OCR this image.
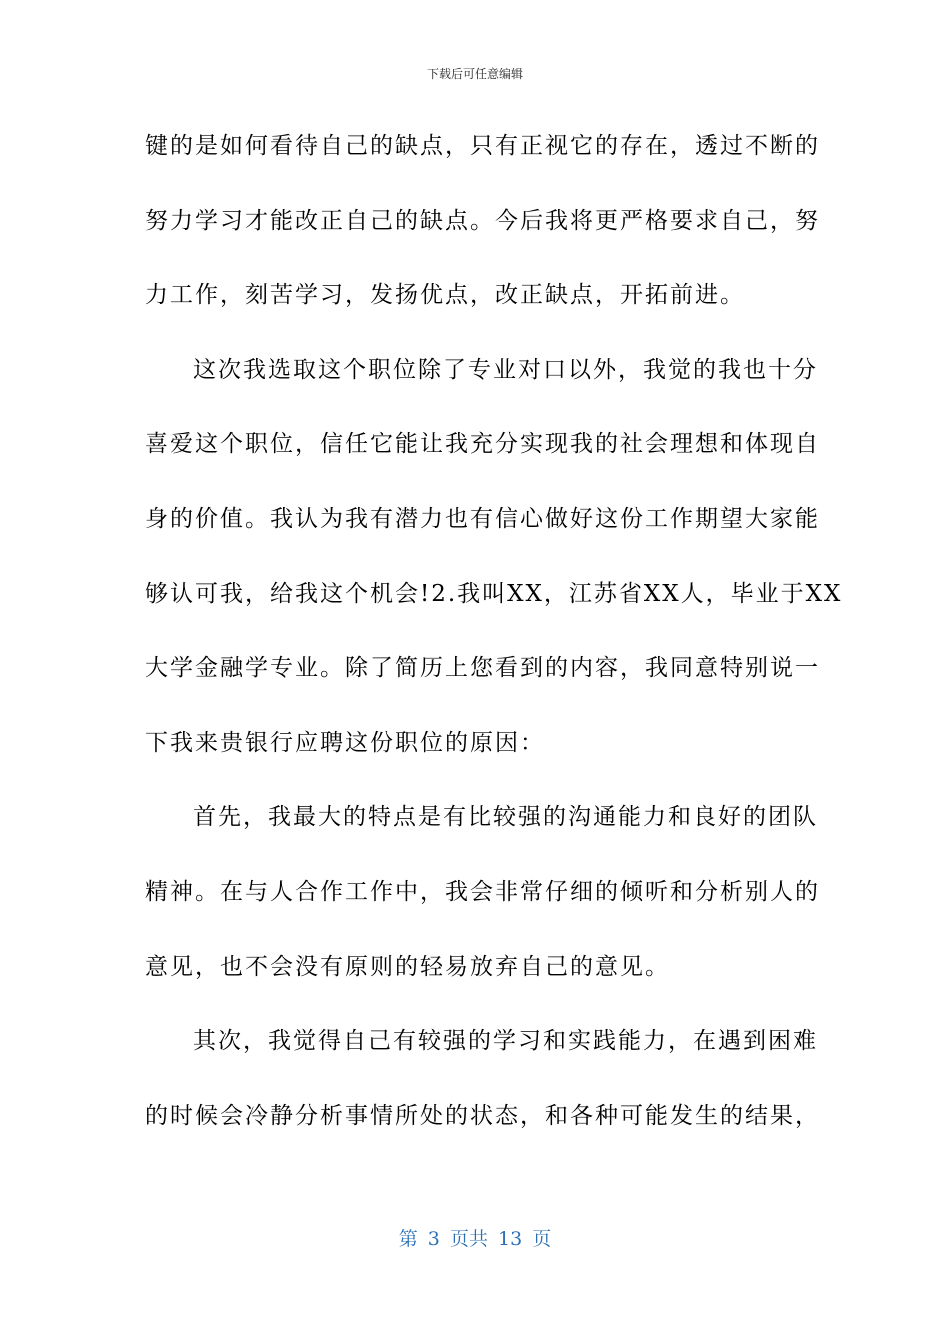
下载后可任意编辑
键的是如何看待自己的缺点，只有正视它的存在，透过不断的
努力学习才能改正自己的缺点。今后我将更严格要求自己，努
力工作，刻苦学习，发扬优点，改正缺点，开拓前进。
这次我选取这个职位除了专业对口以外，我觉的我也十分
喜爱这个职位，信任它能让我充分实现我的社会理想和体现自
身的价值。我认为我有潜力也有信心做好这份工作期望大家能
够认可我，给我这个机会!2.我叫XX，江苏省XX人，毕业于XX
大学金融学专业。除了简历上您看到的内容，我同意特别说一
下我来贵银行应聘这份职位的原因：
首先，我最大的特点是有比较强的沟通能力和良好的团队
精神。在与人合作工作中，我会非常仔细的倾听和分析别人的
意见，也不会没有原则的轻易放弃自己的意见。
其次，我觉得自己有较强的学习和实践能力，在遇到困难
的时候会冷静分析事情所处的状态，和各种可能发生的结果，
第 3 页共 13 页
